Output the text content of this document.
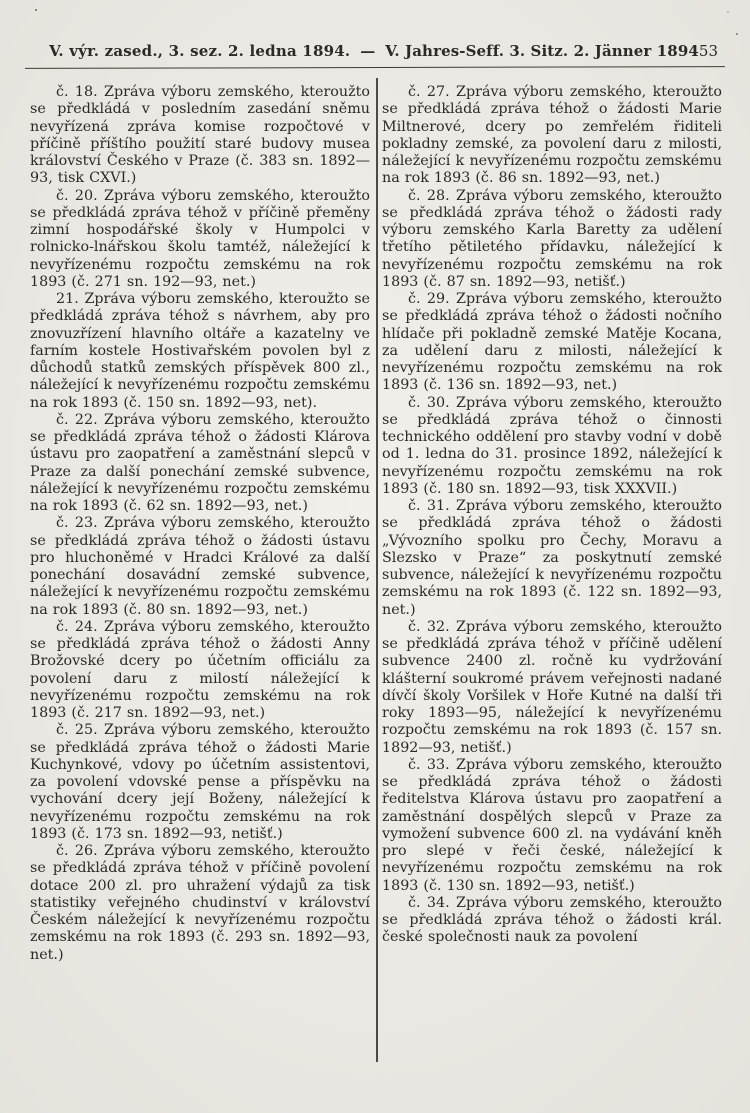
V. výr. zased., 3. sez. 2. ledna 1894. — V. Jahres-Seff. 3. Sitz. 2. Jänner 1894 53

č. 18. Zpráva výboru zemského, kteroužto se předkládá v posledním zasedání sněmu nevyřízená zpráva komise rozpočtové v příčině příštího použití staré budovy musea království Českého v Praze (č. 383 sn. 1892—93, tisk CXVI.)

č. 20. Zpráva výboru zemského, kteroužto se předkládá zpráva téhož v příčině přeměny zimní hospodářské školy v Humpolci v rolnicko-lnářskou školu tamtéž, náležející k nevyřízenému rozpočtu zemskému na rok 1893 (č. 271 sn. 192—93, net.)

21. Zpráva výboru zemského, kteroužto se předkládá zpráva téhož s návrhem, aby pro znovuzřízení hlavního oltáře a kazatelny ve farním kostele Hostivařském povolen byl z důchodů statků zemských příspěvek 800 zl., náležející k nevyřízenému rozpočtu zemskému na rok 1893 (č. 150 sn. 1892—93, net).

č. 22. Zpráva výboru zemského, kteroužto se předkládá zpráva téhož o žádosti Klárova ústavu pro zaopatření a zaměstnání slepců v Praze za další ponechání zemské subvence, náležející k nevyřízenému rozpočtu zemskému na rok 1893 (č. 62 sn. 1892—93, net.)

č. 23. Zpráva výboru zemského, kteroužto se předkládá zpráva téhož o žádosti ústavu pro hluchoněmé v Hradci Králové za další ponechání dosavádní zemské subvence, náležející k nevyřízenému rozpočtu zemskému na rok 1893 (č. 80 sn. 1892—93, net.)

č. 24. Zpráva výboru zemského, kteroužto se předkládá zpráva téhož o žádosti Anny Brožovské dcery po účetním officiálu za povolení daru z milostí náležející k nevyřízenému rozpočtu zemskému na rok 1893 (č. 217 sn. 1892—93, net.)

č. 25. Zpráva výboru zemského, kteroužto se předkládá zpráva téhož o žádosti Marie Kuchynkové, vdovy po účetním assistentovi, za povolení vdovské pense a příspěvku na vychování dcery její Boženy, náležející k nevyřízenému rozpočtu zemskému na rok 1893 (č. 173 sn. 1892—93, netišť.)

č. 26. Zpráva výboru zemského, kteroužto se předkládá zpráva téhož v příčině povolení dotace 200 zl. pro uhražení výdajů za tisk statistiky veřejného chudinství v království Českém náležející k nevyřízenému rozpočtu zemskému na rok 1893 (č. 293 sn. 1892—93, net.)

č. 27. Zpráva výboru zemského, kteroužto se předkládá zpráva téhož o žádosti Marie Miltnerové, dcery po zemřelém řiditeli pokladny zemské, za povolení daru z milosti, náležející k nevyřízenému rozpočtu zemskému na rok 1893 (č. 86 sn. 1892—93, net.)

č. 28. Zpráva výboru zemského, kteroužto se předkládá zpráva téhož o žádosti rady výboru zemského Karla Baretty za udělení třetího pětiletého přídavku, náležející k nevyřízenému rozpočtu zemskému na rok 1893 (č. 87 sn. 1892—93, netišť.)

č. 29. Zpráva výboru zemského, kteroužto se předkládá zpráva téhož o žádosti nočního hlídače při pokladně zemské Matěje Kocana, za udělení daru z milosti, náležející k nevyřízenému rozpočtu zemskému na rok 1893 (č. 136 sn. 1892—93, net.)

č. 30. Zpráva výboru zemského, kteroužto se předkládá zpráva téhož o činnosti technického oddělení pro stavby vodní v době od 1. ledna do 31. prosince 1892, náležející k nevyřízenému rozpočtu zemskému na rok 1893 (č. 180 sn. 1892—93, tisk XXXVII.)

č. 31. Zpráva výboru zemského, kteroužto se předkládá zpráva téhož o žádosti „Vývozního spolku pro Čechy, Moravu a Slezsko v Praze“ za poskytnutí zemské subvence, náležející k nevyřízenému rozpočtu zemskému na rok 1893 (č. 122 sn. 1892—93, net.)

č. 32. Zpráva výboru zemského, kteroužto se předkládá zpráva téhož v příčině udělení subvence 2400 zl. ročně ku vydržování klášterní soukromé právem veřejnosti nadané dívčí školy Voršilek v Hoře Kutné na další tři roky 1893—95, náležející k nevyřízenému rozpočtu zemskému na rok 1893 (č. 157 sn. 1892—93, netišť.)

č. 33. Zpráva výboru zemského, kteroužto se předkládá zpráva téhož o žádosti ředitelstva Klárova ústavu pro zaopatření a zaměstnání dospělých slepců v Praze za vymožení subvence 600 zl. na vydávání kněh pro slepé v řeči české, náležející k nevyřízenému rozpočtu zemskému na rok 1893 (č. 130 sn. 1892—93, netišť.)

č. 34. Zpráva výboru zemského, kteroužto se předkládá zpráva téhož o žádosti král. české společnosti nauk za povolení
